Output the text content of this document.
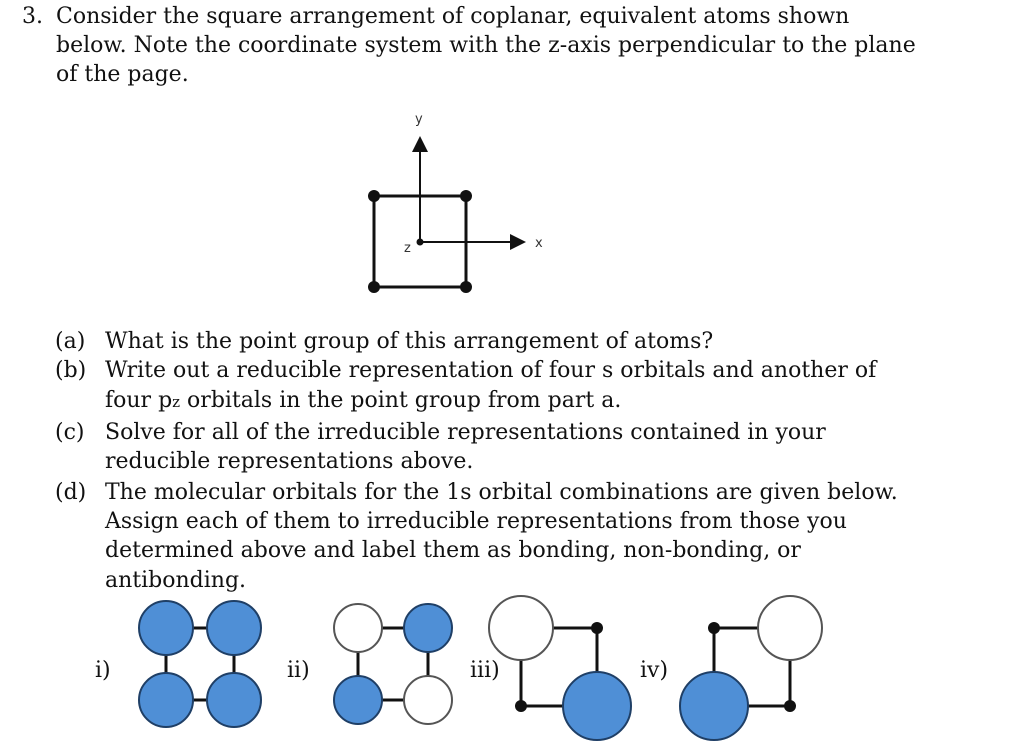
3. Consider the square arrangement of coplanar, equivalent atoms shown
below. Note the coordinate system with the z-axis perpendicular to the plane
of the page.
y
x
z
(a) What is the point group of this arrangement of atoms?
(b) Write out a reducible representation of four s orbitals and another of
four pz orbitals in the point group from part a.
(c) Solve for all of the irreducible representations contained in your
reducible representations above.
(d) The molecular orbitals for the 1s orbital combinations are given below.
Assign each of them to irreducible representations from those you
determined above and label them as bonding, non-bonding, or
antibonding.
i)	ii)	iii)	iv)
